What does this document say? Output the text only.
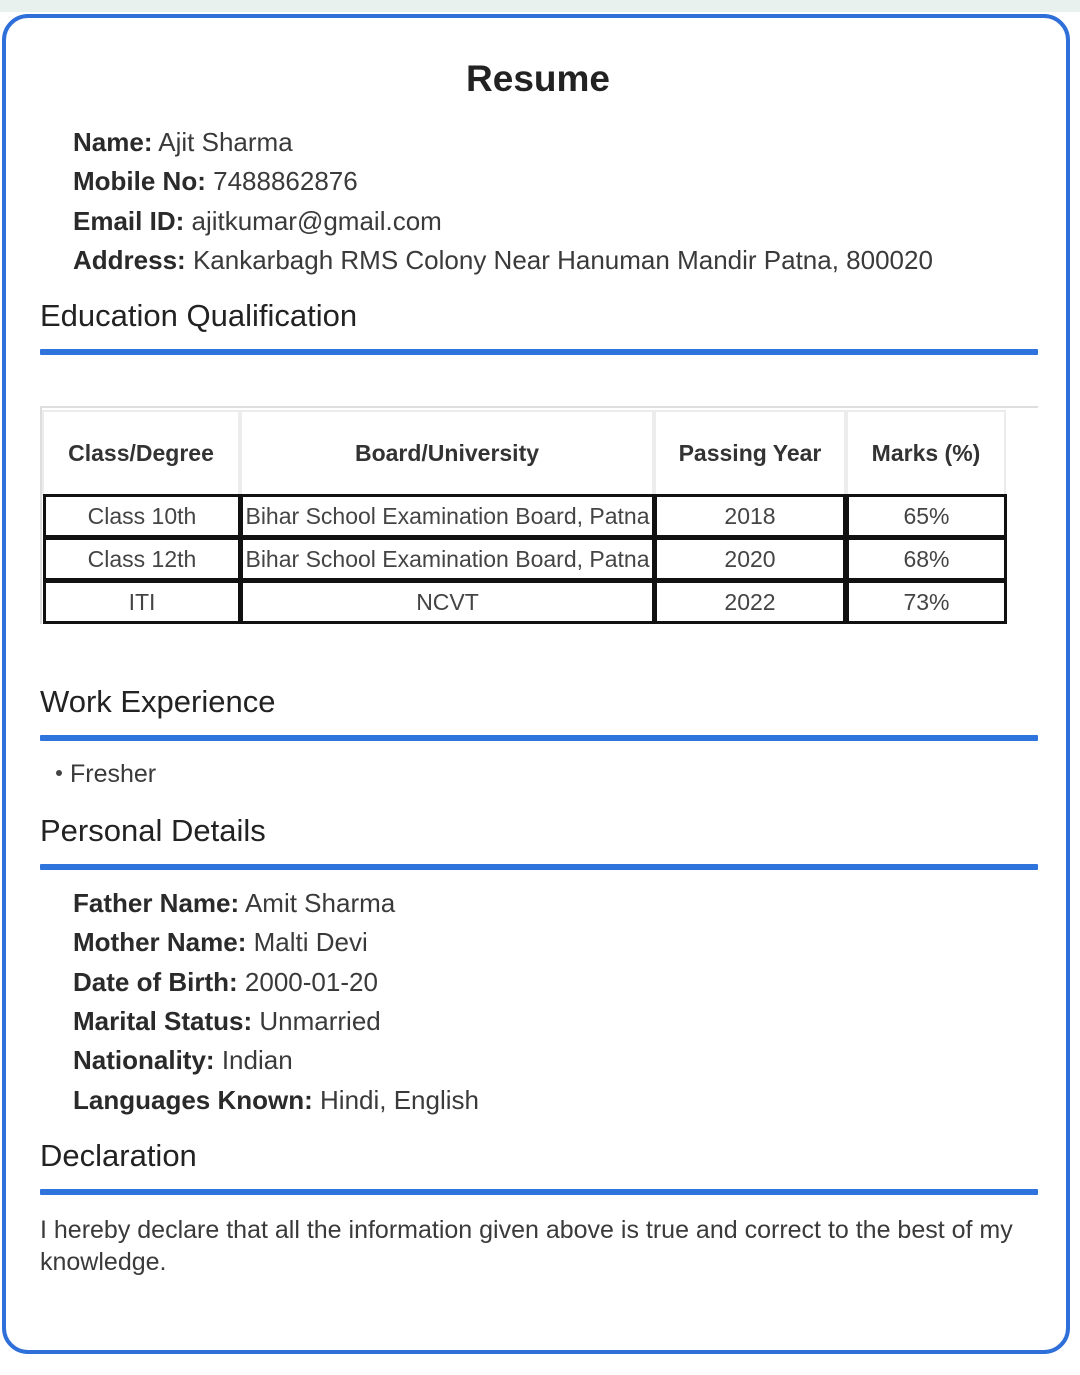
Resume
Name: Ajit Sharma
Mobile No: 7488862876
Email ID: ajitkumar@gmail.com
Address: Kankarbagh RMS Colony Near Hanuman Mandir Patna, 800020
Education Qualification
Class/Degree	Board/University	Passing Year	Marks (%)
Class 10th	Bihar School Examination Board, Patna	2018	65%
Class 12th	Bihar School Examination Board, Patna	2020	68%
ITI	NCVT	2022	73%
Work Experience
Fresher
Personal Details
Father Name: Amit Sharma
Mother Name: Malti Devi
Date of Birth: 2000-01-20
Marital Status: Unmarried
Nationality: Indian
Languages Known: Hindi, English
Declaration
I hereby declare that all the information given above is true and correct to the best of my knowledge.
